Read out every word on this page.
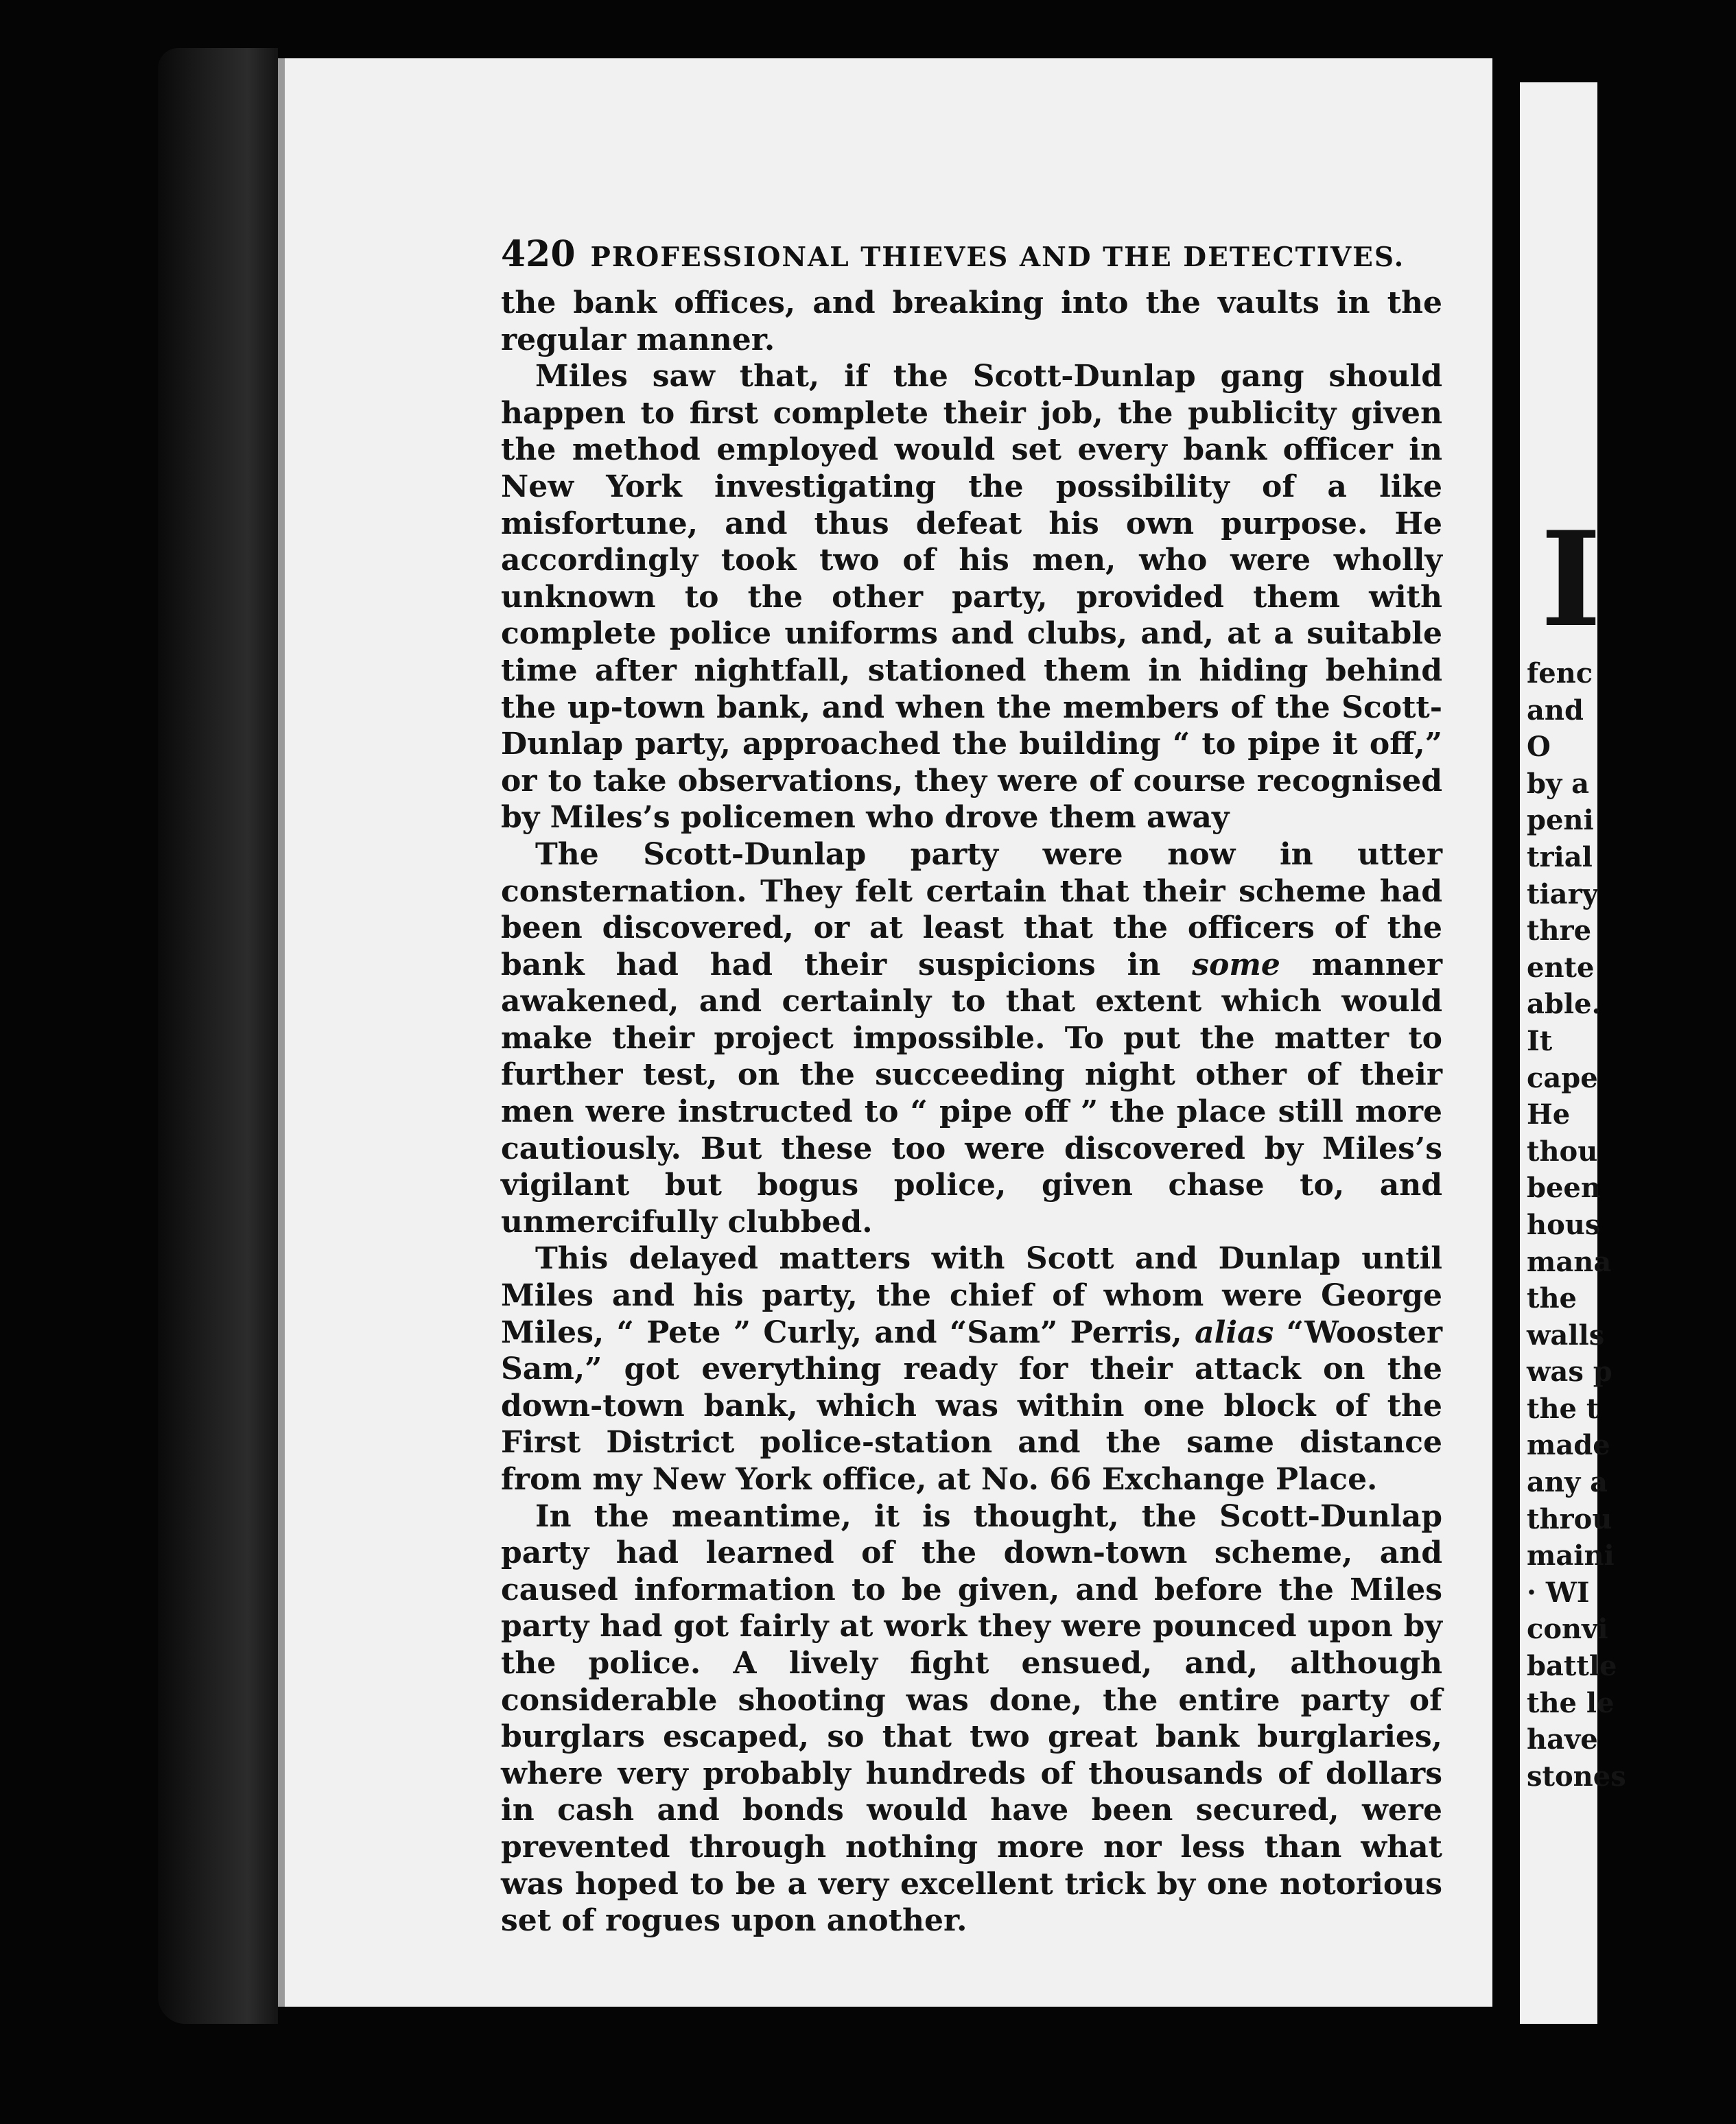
420 PROFESSIONAL THIEVES AND THE DETECTIVES.

the bank offices, and breaking into the vaults in the regular manner.

Miles saw that, if the Scott-Dunlap gang should happen to first complete their job, the publicity given the method employed would set every bank officer in New York investigating the possibility of a like misfortune, and thus defeat his own purpose. He accordingly took two of his men, who were wholly unknown to the other party, provided them with complete police uniforms and clubs, and, at a suitable time after nightfall, stationed them in hiding behind the up-town bank, and when the members of the Scott-Dunlap party, approached the building “ to pipe it off,” or to take observations, they were of course recognised by Miles’s policemen who drove them away

The Scott-Dunlap party were now in utter consternation. They felt certain that their scheme had been discovered, or at least that the officers of the bank had had their suspicions in some manner awakened, and certainly to that extent which would make their project impossible. To put the matter to further test, on the succeeding night other of their men were instructed to “ pipe off ” the place still more cautiously. But these too were discovered by Miles’s vigilant but bogus police, given chase to, and unmercifully clubbed.

This delayed matters with Scott and Dunlap until Miles and his party, the chief of whom were George Miles, “ Pete ” Curly, and “Sam” Perris, alias “Wooster Sam,” got everything ready for their attack on the down-town bank, which was within one block of the First District police-station and the same distance from my New York office, at No. 66 Exchange Place.

In the meantime, it is thought, the Scott-Dunlap party had learned of the down-town scheme, and caused information to be given, and before the Miles party had got fairly at work they were pounced upon by the police. A lively fight ensued, and, although considerable shooting was done, the entire party of burglars escaped, so that two great bank burglaries, where very probably hundreds of thousands of dollars in cash and bonds would have been secured, were prevented through nothing more nor less than what was hoped to be a very excellent trick by one notorious set of rogues upon another.

I
fenc
and
O
by a
peni
trial
tiary
thre
ente
able.
It
cape
He
thou
been
hous
mana
the
walls
was p
the t
made
any a
throu
maini
· WI
convi
battle
the le
have
stones
